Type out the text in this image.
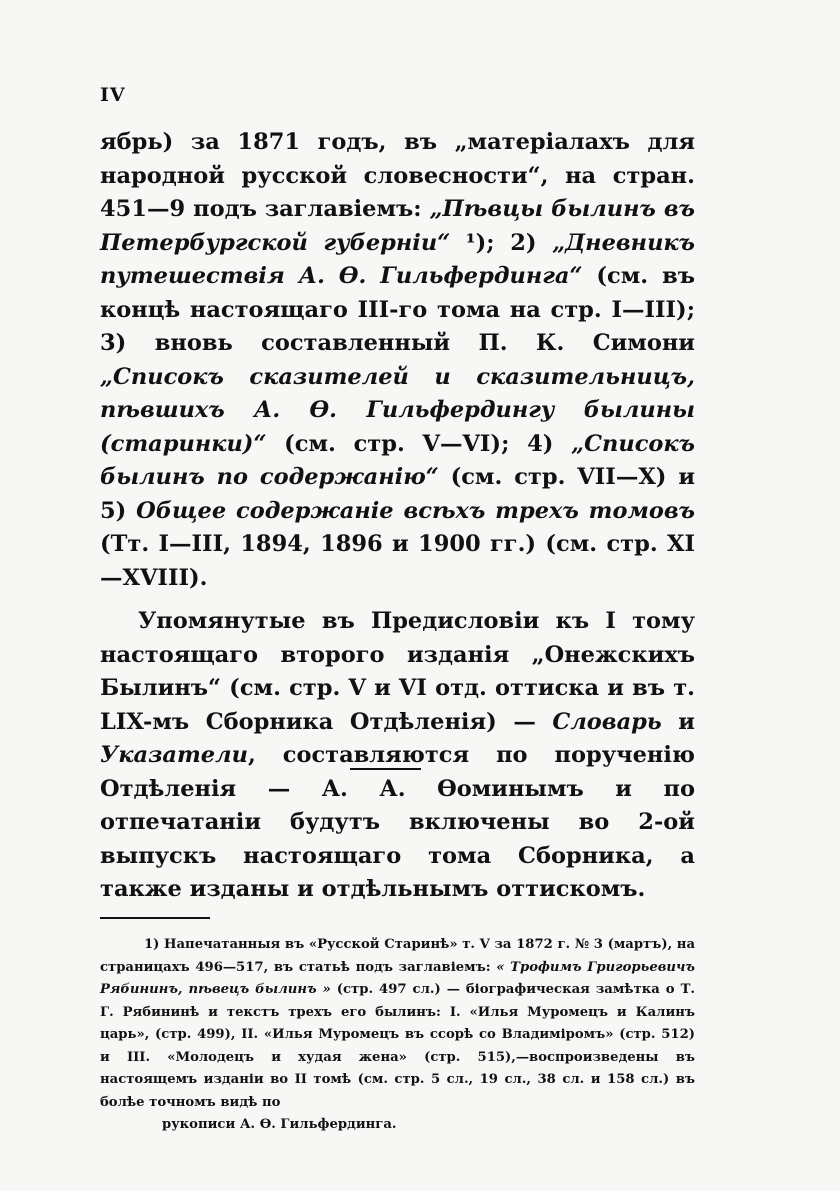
IV

ябрь) за 1871 годъ, въ „матеріалахъ для народной русской словесности“, на стран. 451—9 подъ заглавіемъ: „Пѣвцы былинъ въ Петербургской губерніи“ ¹); 2) „Дневникъ путешествія А. Ө. Гильфердинга“ (см. въ концѣ настоящаго III-го тома на стр. I—III); 3) вновь составленный П. К. Симони „Списокъ сказителей и сказительницъ, пѣвшихъ А. Ө. Гильфердингу былины (старинки)“ (см. стр. V—VI); 4) „Списокъ былинъ по содержанію“ (см. стр. VII—X) и 5) Общее содержаніе всѣхъ трехъ томовъ (Тт. I—III, 1894, 1896 и 1900 гг.) (см. стр. XI—XVIII).

Упомянутые въ Предисловіи къ I тому настоящаго второго изданія „Онежскихъ Былинъ“ (см. стр. V и VI отд. оттиска и въ т. LIX-мъ Сборника Отдѣленія) — Словарь и Указатели, составляются по порученію Отдѣленія — А. А. Ѳоминымъ и по отпечатаніи будутъ включены во 2-ой выпускъ настоящаго тома Сборника, а также изданы и отдѣльнымъ оттискомъ.

1) Напечатанныя въ «Русской Старинѣ» т. V за 1872 г. № 3 (мартъ), на страницахъ 496—517, въ статьѣ подъ заглавіемъ: « Трофимъ Григорьевичъ Рябининъ, пѣвецъ былинъ » (стр. 497 сл.) — біографическая замѣтка о Т. Г. Рябининѣ и текстъ трехъ его былинъ: I. «Илья Муромецъ и Калинъ царь», (стр. 499), II. «Илья Муромецъ въ ссорѣ со Владиміромъ» (стр. 512) и III. «Молодецъ и худая жена» (стр. 515),—воспроизведены въ настоящемъ изданіи во II томѣ (см. стр. 5 сл., 19 сл., 38 сл. и 158 сл.) въ болѣе точномъ видѣ по

рукописи А. Ө. Гильфердинга.
